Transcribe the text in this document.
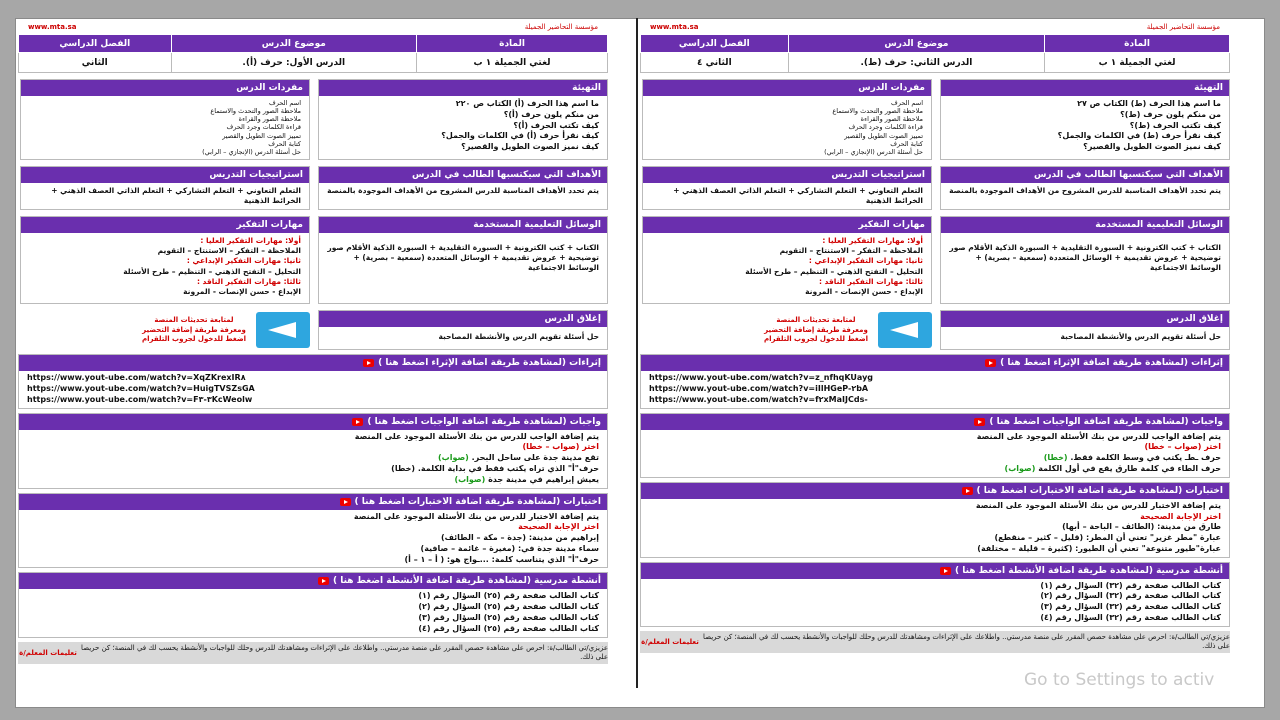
www.mta.sa	مؤسسة التحاضير الجميلة
المادة	موضوع الدرس	الفصل الدراسي
لغتي الجميلة ١ ب	الدرس الأول: حرف (أ).	الثاني
التهيئة
ما اسم هذا الحرف (أ) الكتاب ص ٢٢٠
من منكم يلون حرف (أ)؟
كيف تكتب الحرف (أ)؟
كيف نقرأ حرف (أ) في الكلمات والجمل؟
كيف نميز الصوت الطويل والقصير؟
مفردات الدرس
اسم الحرف
ملاحظة الصور والتحدث والاستماع
ملاحظة الصور والقراءة
قراءة الكلمات وجرد الحرف
تمييز الصوت الطويل والقصير
كتابة الحرف
حل أسئلة الدرس (الإنجازي – الرابي)
الأهداف التي سيكتسبها الطالب في الدرس
يتم تحدد الأهداف المناسبة للدرس المشروح من الأهداف الموجودة بالمنصة
استراتيجيات التدريس
التعلم التعاوني + التعلم التشاركي + التعلم الذاتي العصف الذهني + الخرائط الذهنية
الوسائل التعليمية المستخدمة
الكتاب + كتب الكترونية + السبورة التقليدية + السبورة الذكية الأقلام صور توضيحية + عروض تقديمية + الوسائل المتعددة (سمعية – بصرية) + الوسائط الاجتماعية
مهارات التفكير
أولا: مهارات التفكير العليا :
الملاحظة – التفكر – الاستنتاج – التقويم
ثانيا: مهارات التفكير الإبداعي :
التحليل – التفتح الذهني – التنظيم – طرح الأسئلة
ثالثا: مهارات التفكير الناقد :
الإبداع - حسن الإنصات - المرونة
إغلاق الدرس
حل أسئلة تقويم الدرس والأنشطة المصاحبة
لمتابعة تحديثات المنصة
ومعرفة طريقة إضافة التحضير
اضغط للدخول لجروب التلقرام
إثراءات (لمشاهدة طريقة اضافة الإثراء اضغط هنا )
https://www.yout-ube.com/watch?v=XqZKrexIR٨
https://www.yout-ube.com/watch?v=HuigTVSZsGA
https://www.yout-ube.com/watch?v=F٣-٣KcWeolw
واجبات (لمشاهدة طريقة اضافة الواجبات اضغط هنا )
يتم إضافة الواجب للدرس من بنك الأسئلة الموجود على المنصة
اختر (صواب – خطا)
تقع مدينة جدة على ساحل البحر. (صواب)
حرف"أ" الذي تراه يكتب فقط في بداية الكلمة. (خطا)
يعيش إبراهيم في مدينة جدة (صواب)
اختبارات (لمشاهدة طريقة اضافة الاختبارات اضغط هنا )
يتم إضافة الاختبار للدرس من بنك الأسئلة الموجود على المنصة
اختر الإجابة الصحيحة
إبراهيم من مدينة: (جدة – مكة – الطائف)
سماء مدينة جدة في: (مغيرة – غائمة – صافية)
حرف"أ" الذي يتناسب كلمة: ...ـواج هو: ( أ – ١ – أ)
أنشطة مدرسية (لمشاهدة طريقة اضافة الأنشطة اضغط هنا )
كتاب الطالب صفحة رقم (٢٥) السؤال رقم (١)
كتاب الطالب صفحة رقم (٢٥) السؤال رقم (٢)
كتاب الطالب صفحة رقم (٢٥) السؤال رقم (٣)
كتاب الطالب صفحة رقم (٢٥) السؤال رقم (٤)
عزيزي/تي الطالب/ة: احرص على مشاهدة حصص المقرر على منصة مدرستي.. واطلاعك على الإثراءات ومشاهدتك للدرس وحلك للواجبات والأنشطة يحسب لك في المنصة؛ كن حريصا على ذلك.
تعليمات المعلم/ة
www.mta.sa	مؤسسة التحاضير الجميلة
المادة	موضوع الدرس	الفصل الدراسي
لغتي الجميلة ١ ب	الدرس الثاني: حرف (ط).	الثاني ٤
التهيئة
ما اسم هذا الحرف (ط) الكتاب ص ٢٧
من منكم يلون حرف (ط)؟
كيف تكتب الحرف (ط)؟
كيف نقرأ حرف (ط) في الكلمات والجمل؟
كيف نميز الصوت الطويل والقصير؟
مفردات الدرس
اسم الحرف
ملاحظة الصور والتحدث والاستماع
ملاحظة الصور والقراءة
قراءة الكلمات وجرد الحرف
تمييز الصوت الطويل والقصير
كتابة الحرف
حل أسئلة الدرس (الإنجازي – الرابي)
الأهداف التي سيكتسبها الطالب في الدرس
يتم تحدد الأهداف المناسبة للدرس المشروح من الأهداف الموجودة بالمنصة
استراتيجيات التدريس
التعلم التعاوني + التعلم التشاركي + التعلم الذاتي العصف الذهني + الخرائط الذهنية
الوسائل التعليمية المستخدمة
الكتاب + كتب الكترونية + السبورة التقليدية + السبورة الذكية الأقلام صور توضيحية + عروض تقديمية + الوسائل المتعددة (سمعية – بصرية) + الوسائط الاجتماعية
مهارات التفكير
أولا: مهارات التفكير العليا :
الملاحظة – التفكر – الاستنتاج – التقويم
ثانيا: مهارات التفكير الإبداعي :
التحليل – التفتح الذهني – التنظيم – طرح الأسئلة
ثالثا: مهارات التفكير الناقد :
الإبداع - حسن الإنصات - المرونة
إغلاق الدرس
حل أسئلة تقويم الدرس والأنشطة المصاحبة
لمتابعة تحديثات المنصة
ومعرفة طريقة إضافة التحضير
اضغط للدخول لجروب التلقرام
إثراءات (لمشاهدة طريقة اضافة الإثراء اضغط هنا )
https://www.yout-ube.com/watch?v=z_nfhqKUayg
https://www.yout-ube.com/watch?v=iIlHGeP-٢bA
https://www.yout-ube.com/watch?v=f٢xMaIJCds-
واجبات (لمشاهدة طريقة اضافة الواجبات اضغط هنا )
يتم إضافة الواجب للدرس من بنك الأسئلة الموجود على المنصة
اختر (صواب – خطا)
حرف ـطـ يكتب في وسط الكلمة فقط. (خطا)
حرف الطاء في كلمة طارق يقع في أول الكلمة (صواب)
اختبارات (لمشاهدة طريقة اضافة الاختبارات اضغط هنا )
يتم إضافة الاختبار للدرس من بنك الأسئلة الموجود على المنصة
اختر الإجابة الصحيحة
طارق من مدينة: (الطائف – الباحة – أبها)
عبارة "مطر غزير" تعني أن المطر: (قليل – كثير – منقطع)
عبارة"طيور متنوعة" تعني أن الطيور: (كثيرة – قليلة – مختلفة)
أنشطة مدرسية (لمشاهدة طريقة اضافة الأنشطة اضغط هنا )
كتاب الطالب صفحة رقم (٣٢) السؤال رقم (١)
كتاب الطالب صفحة رقم (٣٢) السؤال رقم (٢)
كتاب الطالب صفحة رقم (٣٢) السؤال رقم (٣)
كتاب الطالب صفحة رقم (٣٢) السؤال رقم (٤)
عزيزي/تي الطالب/ة: احرص على مشاهدة حصص المقرر على منصة مدرستي.. واطلاعك على الإثراءات ومشاهدتك للدرس وحلك للواجبات والأنشطة يحسب لك في المنصة؛ كن حريصا على ذلك.
تعليمات المعلم/ة
Go to Settings to activ
